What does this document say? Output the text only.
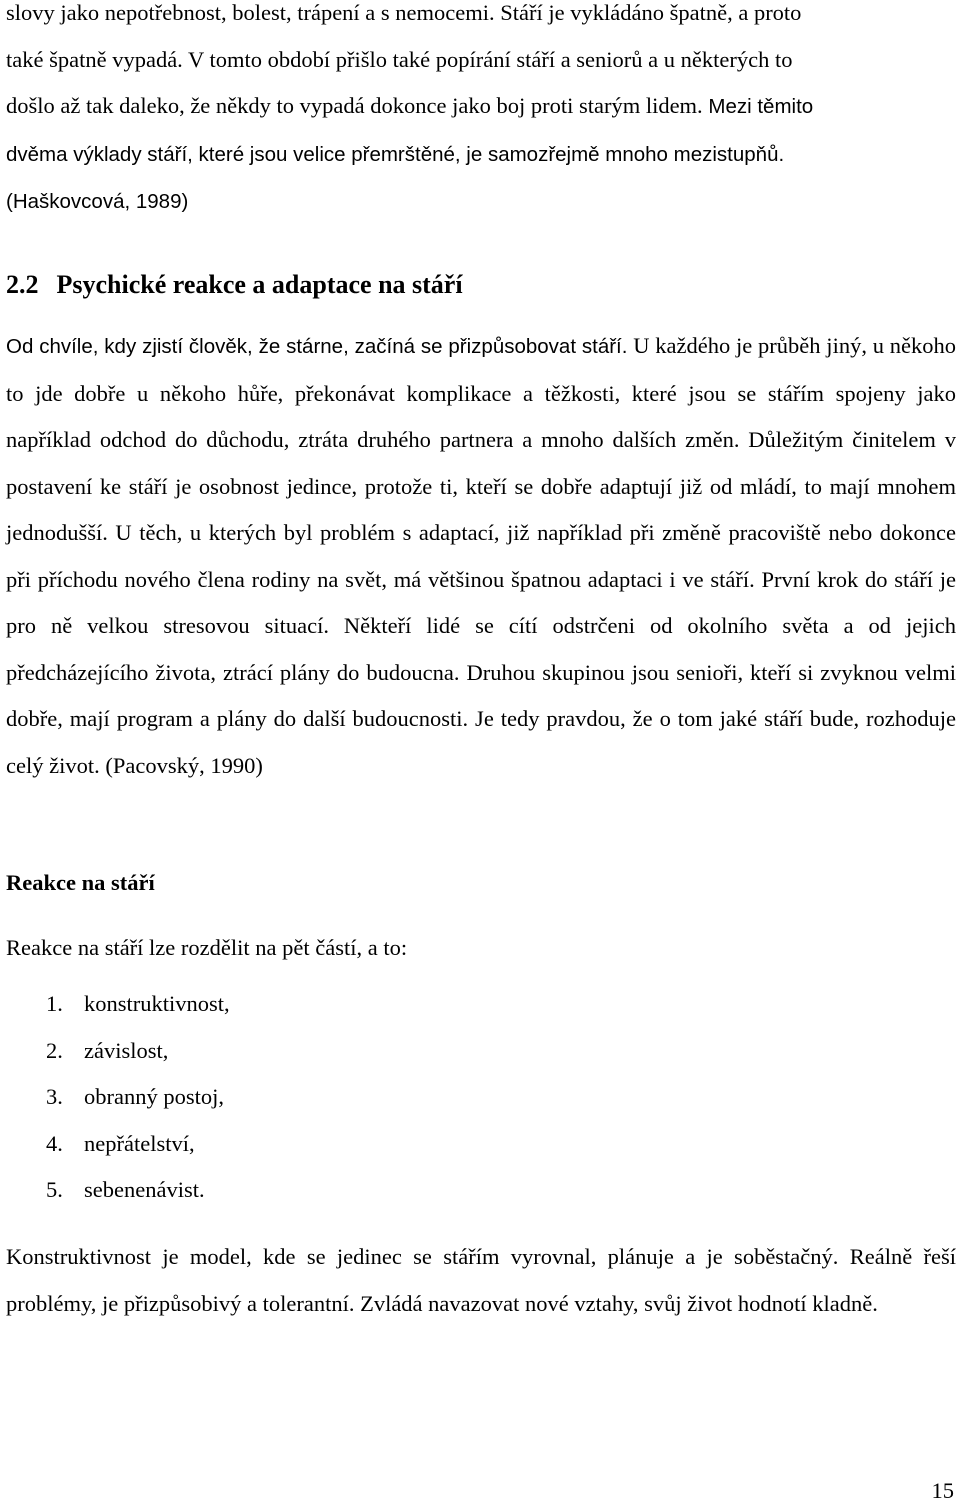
slovy jako nepotřebnost, bolest, trápení a s nemocemi. Stáří je vykládáno špatně, a proto
také špatně vypadá. V tomto období přišlo také popírání stáří a seniorů a u některých to
došlo až tak daleko, že někdy to vypadá dokonce jako boj proti starým lidem. Mezi těmito
dvěma výklady stáří, které jsou velice přemrštěné, je samozřejmě mnoho mezistupňů.
(Haškovcová, 1989)

2.2 Psychické reakce a adaptace na stáří

Od chvíle, kdy zjistí člověk, že stárne, začíná se přizpůsobovat stáří. U každého je průběh jiný, u někoho to jde dobře u někoho hůře, překonávat komplikace a těžkosti, které jsou se stářím spojeny jako například odchod do důchodu, ztráta druhého partnera a mnoho dalších změn. Důležitým činitelem v postavení ke stáří je osobnost jedince, protože ti, kteří se dobře adaptují již od mládí, to mají mnohem jednodušší. U těch, u kterých byl problém s adaptací, již například při změně pracoviště nebo dokonce při příchodu nového člena rodiny na svět, má většinou špatnou adaptaci i ve stáří. První krok do stáří je pro ně velkou stresovou situací. Někteří lidé se cítí odstrčeni od okolního světa a od jejich předcházejícího života, ztrácí plány do budoucna. Druhou skupinou jsou senioři, kteří si zvyknou velmi dobře, mají program a plány do další budoucnosti. Je tedy pravdou, že o tom jaké stáří bude, rozhoduje celý život. (Pacovský, 1990)

Reakce na stáří

Reakce na stáří lze rozdělit na pět částí, a to:

1. konstruktivnost,
2. závislost,
3. obranný postoj,
4. nepřátelství,
5. sebenenávist.

Konstruktivnost je model, kde se jedinec se stářím vyrovnal, plánuje a je soběstačný. Reálně řeší problémy, je přizpůsobivý a tolerantní. Zvládá navazovat nové vztahy, svůj život hodnotí kladně.

15
